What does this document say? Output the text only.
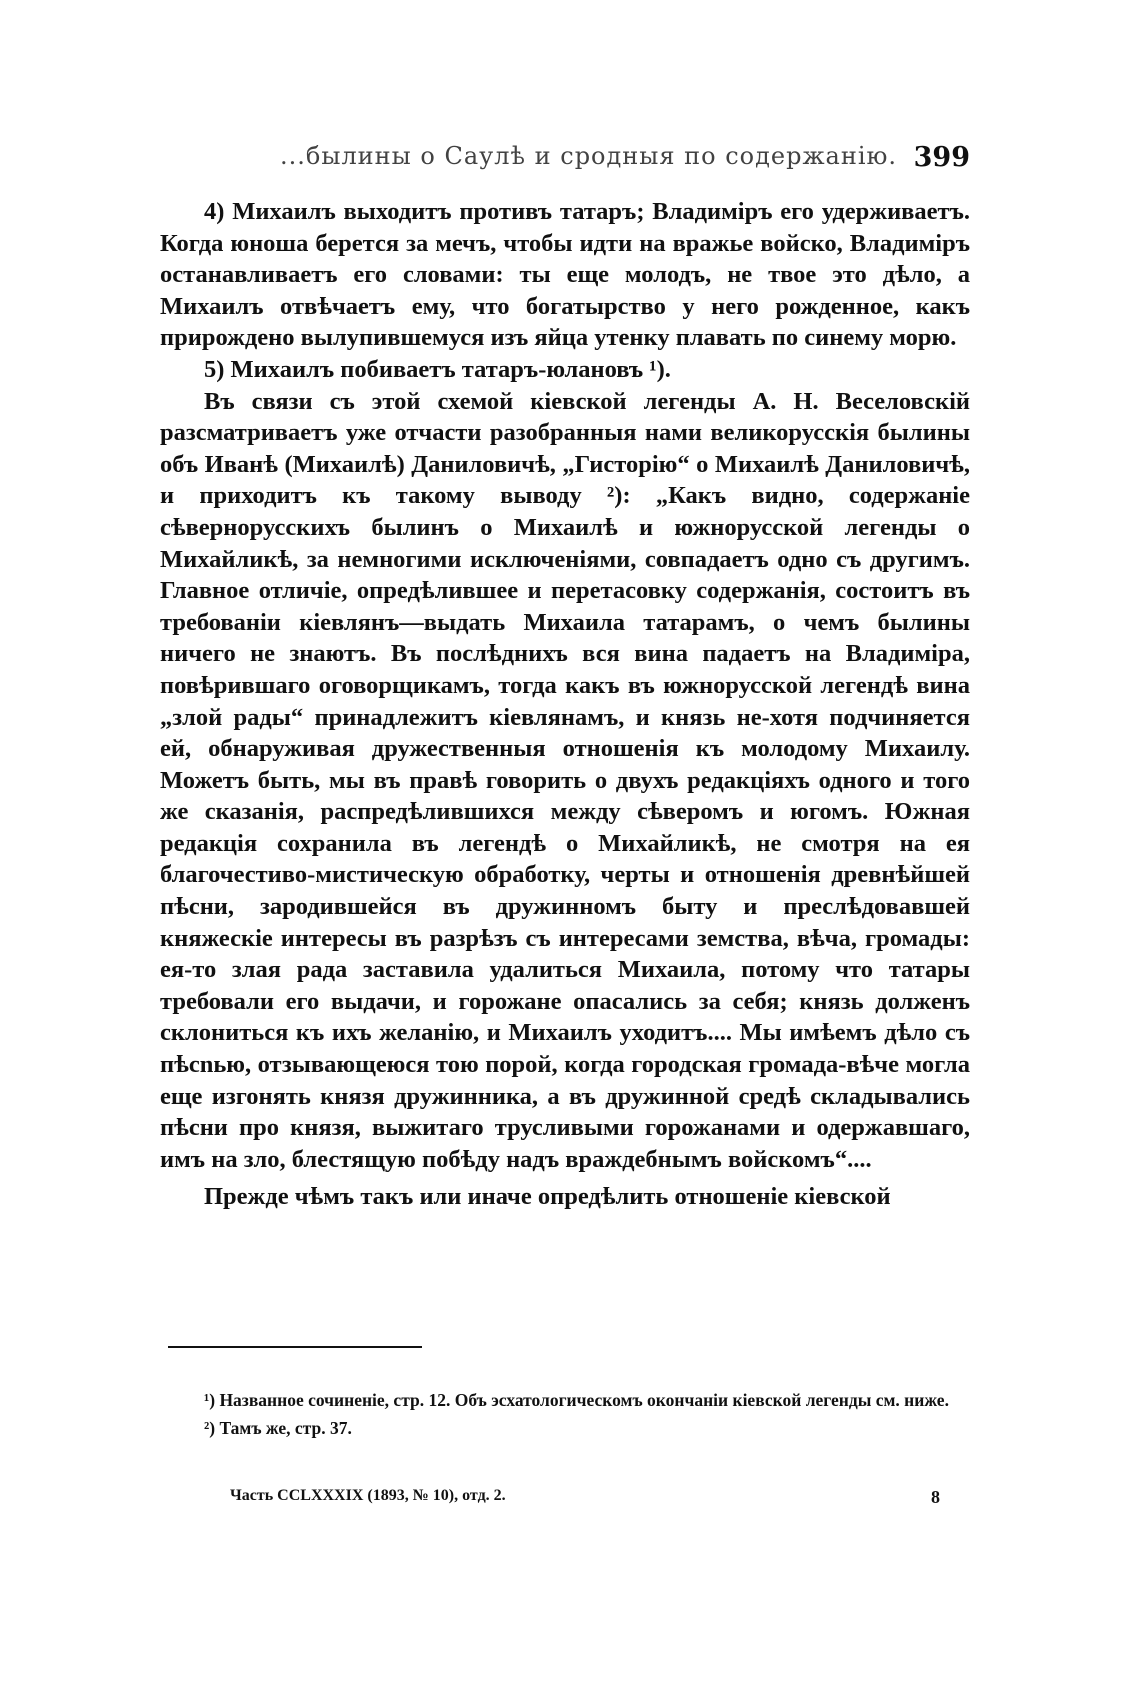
...былины о Саулѣ и сродныя по содержанію. 399

4) Михаилъ выходитъ противъ татаръ; Владиміръ его удерживаетъ. Когда юноша берется за мечъ, чтобы идти на вражье войско, Владиміръ останавливаетъ его словами: ты еще молодъ, не твое это дѣло, а Михаилъ отвѣчаетъ ему, что богатырство у него рожденное, какъ прирождено вылупившемуся изъ яйца утенку плавать по синему морю.

5) Михаилъ побиваетъ татаръ-юлановъ ¹).

Въ связи съ этой схемой кіевской легенды А. Н. Веселовскій разсматриваетъ уже отчасти разобранныя нами великорусскія былины объ Иванѣ (Михаилѣ) Даниловичѣ, „Гисторію“ о Михаилѣ Даниловичѣ, и приходитъ къ такому выводу ²): „Какъ видно, содержаніе сѣвернорусскихъ былинъ о Михаилѣ и южнорусской легенды о Михайликѣ, за немногими исключеніями, совпадаетъ одно съ другимъ. Главное отличіе, опредѣлившее и перетасовку содержанія, состоитъ въ требованіи кіевлянъ—выдать Михаила татарамъ, о чемъ былины ничего не знаютъ. Въ послѣднихъ вся вина падаетъ на Владиміра, повѣрившаго оговорщикамъ, тогда какъ въ южнорусской легендѣ вина „злой рады“ принадлежитъ кіевлянамъ, и князь не-хотя подчиняется ей, обнаруживая дружественныя отношенія къ молодому Михаилу. Можетъ быть, мы въ правѣ говорить о двухъ редакціяхъ одного и того же сказанія, распредѣлившихся между сѣверомъ и югомъ. Южная редакція сохранила въ легендѣ о Михайликѣ, не смотря на ея благочестиво-мистическую обработку, черты и отношенія древнѣйшей пѣсни, зародившейся въ дружинномъ быту и преслѣдовавшей княжескіе интересы въ разрѣзъ съ интересами земства, вѣча, громады: ея-то злая рада заставила удалиться Михаила, потому что татары требовали его выдачи, и горожане опасались за себя; князь долженъ склониться къ ихъ желанію, и Михаилъ уходитъ.... Мы имѣемъ дѣло съ пѣсnью, отзывающеюся тою порой, когда городская громада-вѣче могла еще изгонять князя дружинника, а въ дружинной средѣ складывались пѣсни про князя, выжитаго трусливыми горожанами и одержавшаго, имъ на зло, блестящую побѣду надъ враждебнымъ войскомъ“....

Прежде чѣмъ такъ или иначе опредѣлить отношеніе кіевской

¹) Названное сочиненіе, стр. 12. Объ эсхатологическомъ окончаніи кіевской легенды см. ниже.

²) Тамъ же, стр. 37.

Часть CCLXXXIX (1893, № 10), отд. 2.	8
